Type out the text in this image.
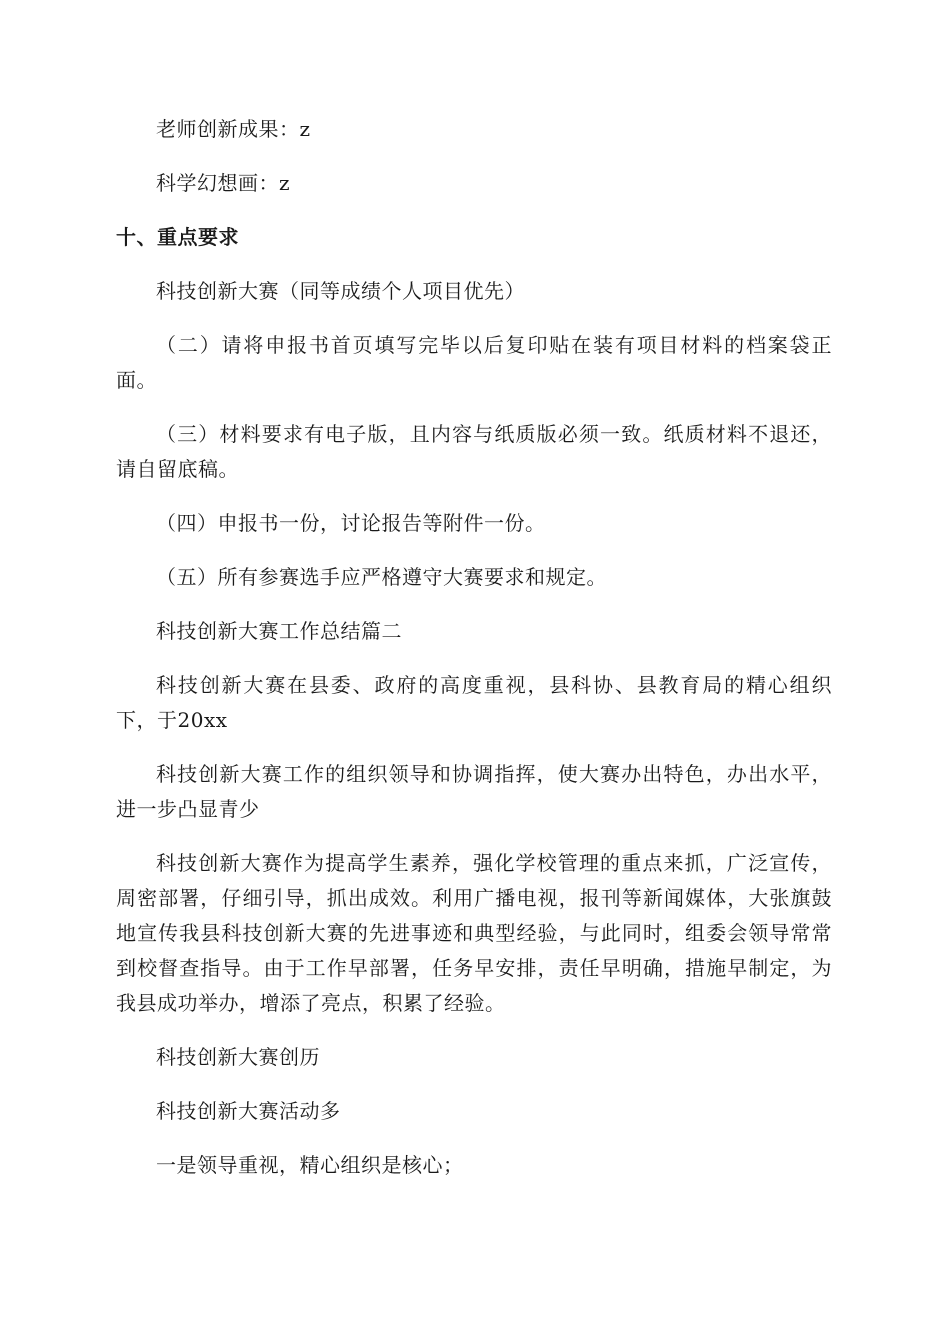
老师创新成果：z

科学幻想画：z

十、重点要求

科技创新大赛（同等成绩个人项目优先）

（二）请将申报书首页填写完毕以后复印贴在装有项目材料的档案袋正面。

（三）材料要求有电子版，且内容与纸质版必须一致。纸质材料不退还，请自留底稿。

（四）申报书一份，讨论报告等附件一份。

（五）所有参赛选手应严格遵守大赛要求和规定。

科技创新大赛工作总结篇二

科技创新大赛在县委、政府的高度重视，县科协、县教育局的精心组织下，于20xx

科技创新大赛工作的组织领导和协调指挥，使大赛办出特色，办出水平，进一步凸显青少

科技创新大赛作为提高学生素养，强化学校管理的重点来抓，广泛宣传，周密部署，仔细引导，抓出成效。利用广播电视，报刊等新闻媒体，大张旗鼓地宣传我县科技创新大赛的先进事迹和典型经验，与此同时，组委会领导常常到校督查指导。由于工作早部署，任务早安排，责任早明确，措施早制定，为我县成功举办，增添了亮点，积累了经验。

科技创新大赛创历

科技创新大赛活动多

一是领导重视，精心组织是核心；
